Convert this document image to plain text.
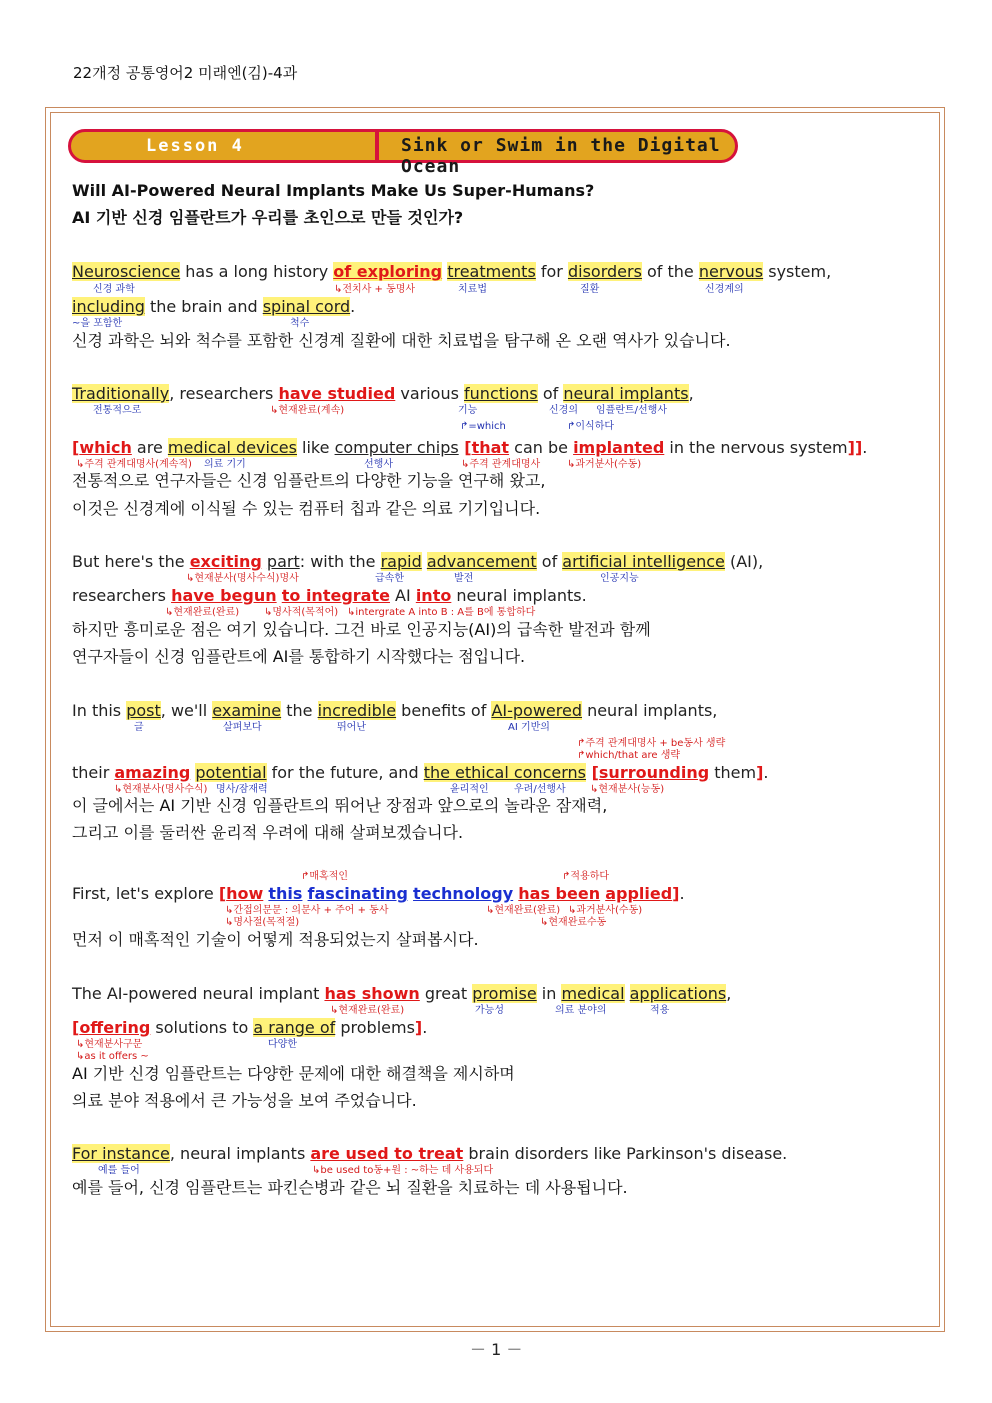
22개정 공통영어2 미래엔(김)-4과
Lesson 4	Sink or Swim in the Digital Ocean
Will AI-Powered Neural Implants Make Us Super-Humans?
AI 기반 신경 임플란트가 우리를 초인으로 만들 것인가?
Neuroscience has a long history of exploring treatments for disorders of the nervous system,
신경 과학	↳전치사 + 동명사	치료법	질환	신경계의
including the brain and spinal cord.
~을 포함한	척수
신경 과학은 뇌와 척수를 포함한 신경계 질환에 대한 치료법을 탐구해 온 오랜 역사가 있습니다.
Traditionally, researchers have studied various functions of neural implants,
전통적으로	↳현재완료(계속)	기능	신경의 임플란트/선행사
↱=which	↱이식하다
[which are medical devices like computer chips [that can be implanted in the nervous system]].
↳주격 관계대명사(계속적) 의료 기기	선행사	↳주격 관계대명사	↳과거분사(수동)
전통적으로 연구자들은 신경 임플란트의 다양한 기능을 연구해 왔고,
이것은 신경계에 이식될 수 있는 컴퓨터 칩과 같은 의료 기기입니다.
But here's the exciting part: with the rapid advancement of artificial intelligence (AI),
↳현재분사(명사수식)명사	급속한	발전	인공지능
researchers have begun to integrate AI into neural implants.
↳현재완료(완료) ↳명사적(목적어) ↳intergrate A into B : A를 B에 통합하다
하지만 흥미로운 점은 여기 있습니다. 그건 바로 인공지능(AI)의 급속한 발전과 함께
연구자들이 신경 임플란트에 AI를 통합하기 시작했다는 점입니다.
In this post, we'll examine the incredible benefits of AI-powered neural implants,
글	살펴보다	뛰어난	AI 기반의
↱주격 관계대명사 + be동사 생략
↱which/that are 생략
their amazing potential for the future, and the ethical concerns [surrounding them].
↳현재분사(명사수식) 명사/잠재력	윤리적인	우려/선행사 ↳현재분사(능동)
이 글에서는 AI 기반 신경 임플란트의 뛰어난 장점과 앞으로의 놀라운 잠재력,
그리고 이를 둘러싼 윤리적 우려에 대해 살펴보겠습니다.
↱매혹적인	↱적용하다
First, let's explore [how this fascinating technology has been applied].
↳간접의문문 : 의문사 + 주어 + 동사
↳명사절(목적절)
↳현재완료(완료) ↳과거분사(수동)
↳현재완료수동
먼저 이 매혹적인 기술이 어떻게 적용되었는지 살펴봅시다.
The AI-powered neural implant has shown great promise in medical applications,
↳현재완료(완료)	가능성	의료 분야의	적용
[offering solutions to a range of problems].
↳현재분사구문
↳as it offers ~
다양한
AI 기반 신경 임플란트는 다양한 문제에 대한 해결책을 제시하며
의료 분야 적용에서 큰 가능성을 보여 주었습니다.
For instance, neural implants are used to treat brain disorders like Parkinson's disease.
예를 들어	↳be used to동+원 : ~하는 데 사용되다
예를 들어, 신경 임플란트는 파킨슨병과 같은 뇌 질환을 치료하는 데 사용됩니다.
－ 1 －
